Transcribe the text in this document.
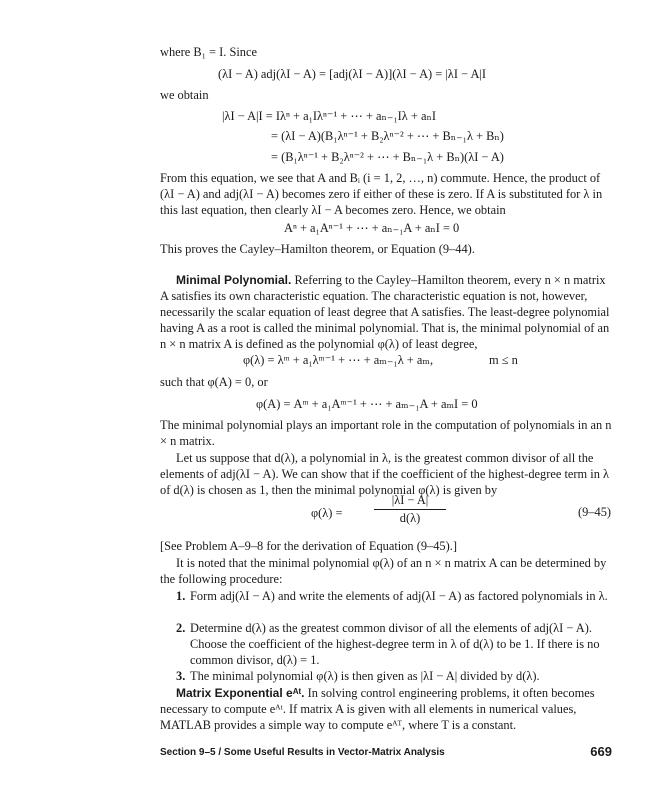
where B₁ = I. Since

(λI − A) adj(λI − A) = [adj(λI − A)](λI − A) = |λI − A|I

we obtain

|λI − A|I = Iλⁿ + a₁Iλⁿ⁻¹ + ⋯ + aₙ₋₁Iλ + aₙI
= (λI − A)(B₁λⁿ⁻¹ + B₂λⁿ⁻² + ⋯ + Bₙ₋₁λ + Bₙ)
= (B₁λⁿ⁻¹ + B₂λⁿ⁻² + ⋯ + Bₙ₋₁λ + Bₙ)(λI − A)

From this equation, we see that A and Bᵢ (i = 1, 2, …, n) commute. Hence, the product of (λI − A) and adj(λI − A) becomes zero if either of these is zero. If A is substituted for λ in this last equation, then clearly λI − A becomes zero. Hence, we obtain

Aⁿ + a₁Aⁿ⁻¹ + ⋯ + aₙ₋₁A + aₙI = 0

This proves the Cayley–Hamilton theorem, or Equation (9–44).

Minimal Polynomial. Referring to the Cayley–Hamilton theorem, every n × n matrix A satisfies its own characteristic equation. The characteristic equation is not, however, necessarily the scalar equation of least degree that A satisfies. The least-degree polynomial having A as a root is called the minimal polynomial. That is, the minimal polynomial of an n × n matrix A is defined as the polynomial φ(λ) of least degree,

φ(λ) = λᵐ + a₁λᵐ⁻¹ + ⋯ + aₘ₋₁λ + aₘ,	m ≤ n

such that φ(A) = 0, or

φ(A) = Aᵐ + a₁Aᵐ⁻¹ + ⋯ + aₘ₋₁A + aₘI = 0

The minimal polynomial plays an important role in the computation of polynomials in an n × n matrix.

Let us suppose that d(λ), a polynomial in λ, is the greatest common divisor of all the elements of adj(λI − A). We can show that if the coefficient of the highest-degree term in λ of d(λ) is chosen as 1, then the minimal polynomial φ(λ) is given by

φ(λ) =
|λI − A|
d(λ)	(9–45)

[See Problem A–9–8 for the derivation of Equation (9–45).]

It is noted that the minimal polynomial φ(λ) of an n × n matrix A can be determined by the following procedure:

1. Form adj(λI − A) and write the elements of adj(λI − A) as factored polynomials in λ.
2. Determine d(λ) as the greatest common divisor of all the elements of adj(λI − A). Choose the coefficient of the highest-degree term in λ of d(λ) to be 1. If there is no common divisor, d(λ) = 1.
3. The minimal polynomial φ(λ) is then given as |λI − A| divided by d(λ).

Matrix Exponential eᴬᵗ. In solving control engineering problems, it often becomes necessary to compute eᴬᵗ. If matrix A is given with all elements in numerical values, MATLAB provides a simple way to compute eᴬᵀ, where T is a constant.

Section 9–5 / Some Useful Results in Vector-Matrix Analysis	669
